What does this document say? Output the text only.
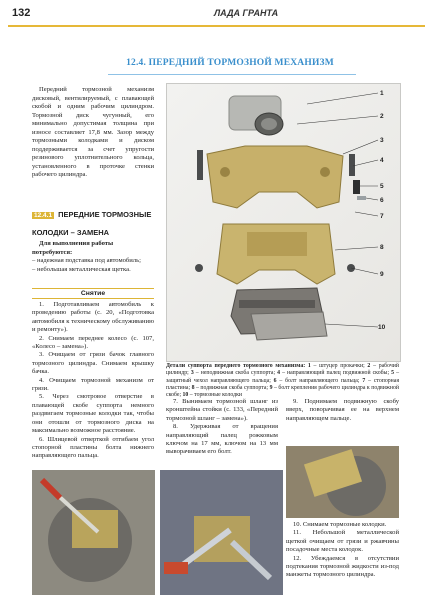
132	ЛАДА ГРАНТА
12.4. ПЕРЕДНИЙ ТОРМОЗНОЙ МЕХАНИЗМ

Передний тормозной механизм дисковый, вентилируемый, с плавающей скобой и одним рабочим цилиндром. Тормозной диск чугунный, его минимально допустимая толщина при износе составляет 17,8 мм. Зазор между тормозными колодками и диском поддерживается за счет упругости резинового уплотнительного кольца, установленного в проточке стенки рабочего цилиндра.

12.4.1 ПЕРЕДНИЕ ТОРМОЗНЫЕ КОЛОДКИ – ЗАМЕНА

Для выполнения работы потребуются:

– надежная подставка под автомобиль;

– небольшая металлическая щетка.

Снятие

1. Подготавливаем автомобиль к проведению работы (с. 20, «Подготовка автомобиля к техническому обслуживанию и ремонту»).

2. Снимаем переднее колесо (с. 107, «Колесо – замена»).

3. Очищаем от грязи бачок главного тормозного цилиндра. Снимаем крышку бачка.

4. Очищаем тормозной механизм от грязи.

5. Через смотровое отверстие в плавающей скобе суппорта немного раздвигаем тормозные колодки так, чтобы они отошли от тормозного диска на максимально возможное расстояние.

6. Шлицевой отверткой отгибаем угол стопорной пластины болта нижнего направляющего пальца.

1
2
3
4
5
6
7
8
9
10
Детали суппорта переднего тормозного механизма: 1 – штуцер прокачки; 2 – рабочий цилиндр; 3 – неподвижная скоба суппорта; 4 – направляющий палец подвижной скобы; 5 – защитный чехол направляющего пальца; 6 – болт направляющего пальца; 7 – стопорная пластина; 8 – подвижная скоба суппорта; 9 – болт крепления рабочего цилиндра к подвижной скобе; 10 – тормозные колодки

7. Вынимаем тормозной шланг из кронштейна стойки (с. 133, «Передний тормозной шланг – замена»).

8. Удерживая от вращения направляющий палец рожковым ключом на 17 мм, ключом на 13 мм выворачиваем его болт.

9. Поднимаем подвижную скобу вверх, поворачивая ее на верхнем направляющем пальце.

10. Снимаем тормозные колодки.

11. Небольшой металлической щеткой очищаем от грязи и ржавчины посадочные места колодок.

12. Убеждаемся в отсутствии подтекания тормозной жидкости из-под манжеты тормозного цилиндра.
